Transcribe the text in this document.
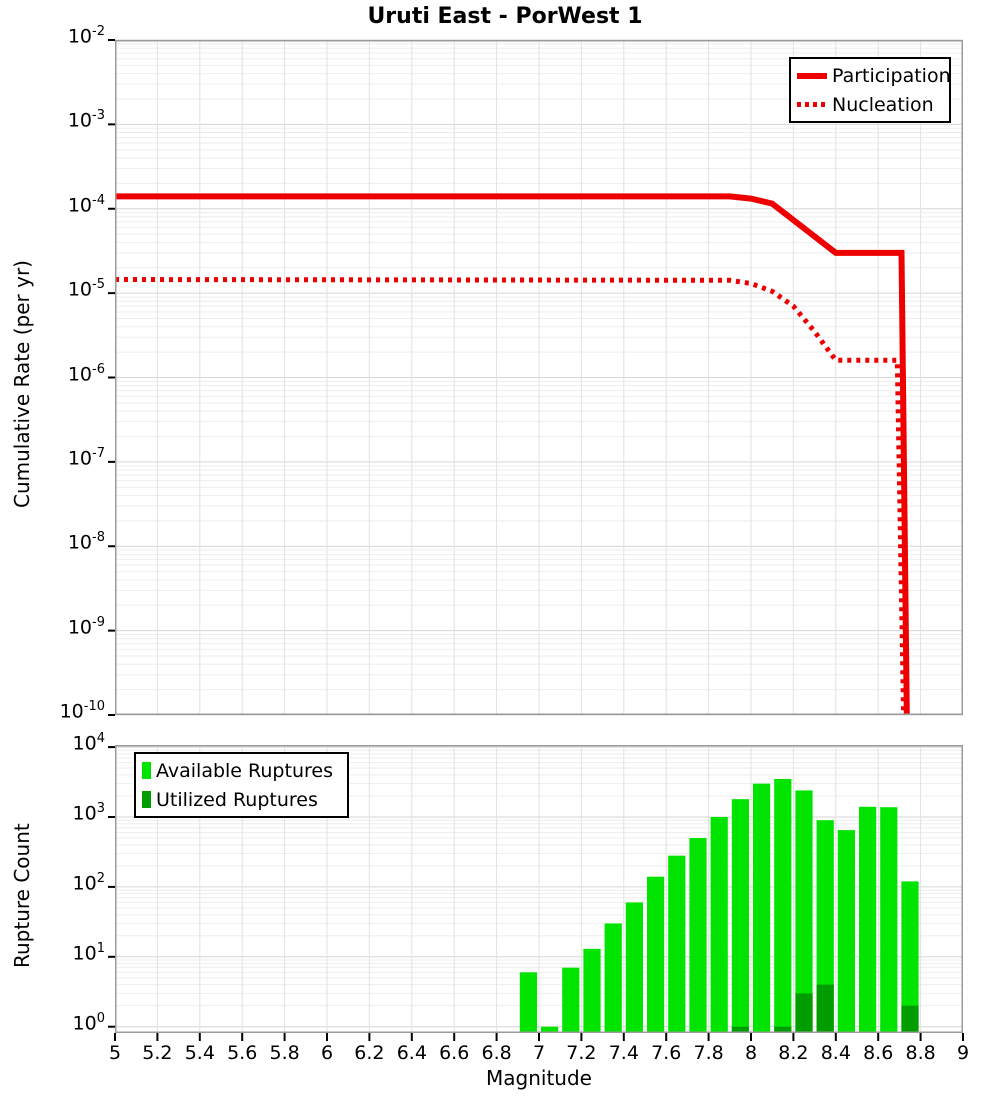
Uruti East - PorWest 1
Cumulative Rate (per yr)
Rupture Count
Magnitude
Participation
Nucleation
Available Ruptures
Utilized Ruptures
$10^{-2}$
$10^{-3}$
$10^{-4}$
$10^{-5}$
$10^{-6}$
$10^{-7}$
$10^{-8}$
$10^{-9}$
$10^{-10}$
$10^4$
$10^3$
$10^2$
$10^1$
$10^0$
5	5.2 5.4 5.6 5.8	6	6.2 6.4 6.6 6.8	7	7.2 7.4 7.6 7.8	8	8.2 8.4 8.6 8.8	9
